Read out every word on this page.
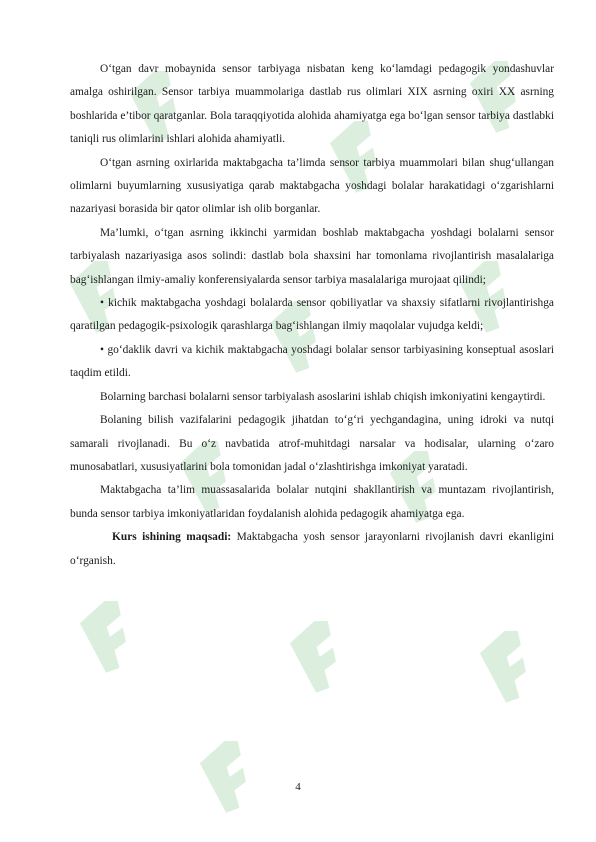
O‘tgan davr mobaynida sensor tarbiyaga nisbatan keng ko‘lamdagi pedagogik yondashuvlar amalga oshirilgan. Sensor tarbiya muammolariga dastlab rus olimlari XIX asrning oxiri XX asrning boshlarida e’tibor qaratganlar. Bola taraqqiyotida alohida ahamiyatga ega bo‘lgan sensor tarbiya dastlabki taniqli rus olimlarini ishlari alohida ahamiyatli.

O‘tgan asrning oxirlarida maktabgacha ta’limda sensor tarbiya muammolari bilan shug‘ullangan olimlarni buyumlarning xususiyatiga qarab maktabgacha yoshdagi bolalar harakatidagi o‘zgarishlarni nazariyasi borasida bir qator olimlar ish olib borganlar.

Ma’lumki, o‘tgan asrning ikkinchi yarmidan boshlab maktabgacha yoshdagi bolalarni sensor tarbiyalash nazariyasiga asos solindi: dastlab bola shaxsini har tomonlama rivojlantirish masalalariga bag‘ishlangan ilmiy-amaliy konferensiyalarda sensor tarbiya masalalariga murojaat qilindi;

• kichik maktabgacha yoshdagi bolalarda sensor qobiliyatlar va shaxsiy sifatlarni rivojlantirishga qaratilgan pedagogik-psixologik qarashlarga bag‘ishlangan ilmiy maqolalar vujudga keldi;

• go‘daklik davri va kichik maktabgacha yoshdagi bolalar sensor tarbiyasining konseptual asoslari taqdim etildi.

Bolarning barchasi bolalarni sensor tarbiyalash asoslarini ishlab chiqish imkoniyatini kengaytirdi.

Bolaning bilish vazifalarini pedagogik jihatdan to‘g‘ri yechgandagina, uning idroki va nutqi samarali rivojlanadi. Bu o‘z navbatida atrof-muhitdagi narsalar va hodisalar, ularning o‘zaro munosabatlari, xususiyatlarini bola tomonidan jadal o‘zlashtirishga imkoniyat yaratadi.

Maktabgacha ta’lim muassasalarida bolalar nutqini shakllantirish va muntazam rivojlantirish, bunda sensor tarbiya imkoniyatlaridan foydalanish alohida pedagogik ahamiyatga ega.

Kurs ishining maqsadi: Maktabgacha yosh sensor jarayonlarni rivojlanish davri ekanligini o‘rganish.

4
